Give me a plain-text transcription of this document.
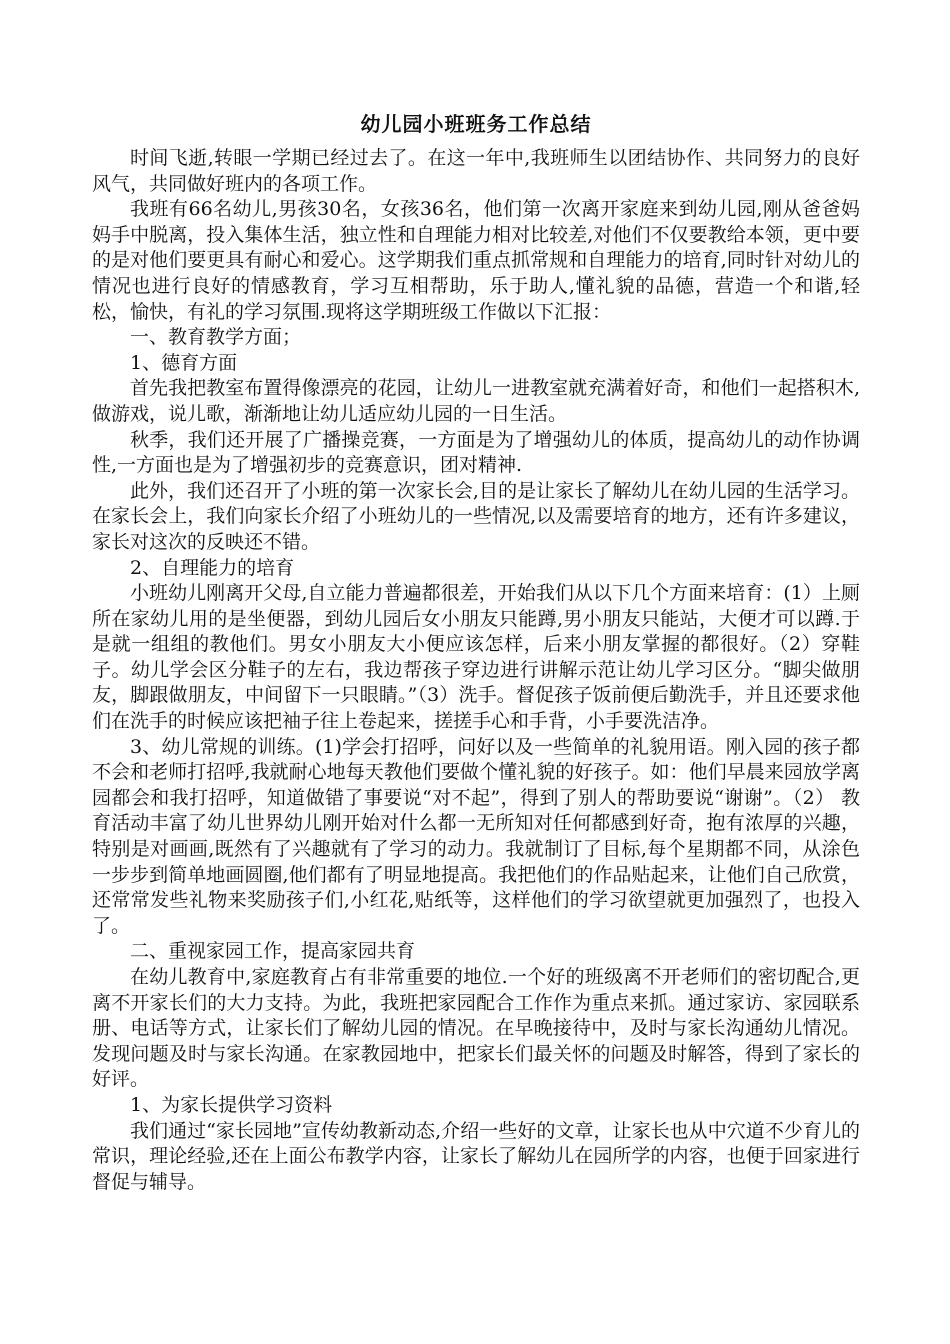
幼儿园小班班务工作总结

时间飞逝,转眼一学期已经过去了。在这一年中,我班师生以团结协作、共同努力的良好风气，共同做好班内的各项工作。

我班有66名幼儿,男孩30名，女孩36名，他们第一次离开家庭来到幼儿园,刚从爸爸妈妈手中脱离，投入集体生活，独立性和自理能力相对比较差,对他们不仅要教给本领，更中要的是对他们要更具有耐心和爱心。这学期我们重点抓常规和自理能力的培育,同时针对幼儿的情况也进行良好的情感教育，学习互相帮助，乐于助人,懂礼貌的品德，营造一个和谐,轻松，愉快，有礼的学习氛围.现将这学期班级工作做以下汇报：

一、教育教学方面；

1、德育方面

首先我把教室布置得像漂亮的花园，让幼儿一进教室就充满着好奇，和他们一起搭积木,做游戏，说儿歌，渐渐地让幼儿适应幼儿园的一日生活。

秋季，我们还开展了广播操竞赛，一方面是为了增强幼儿的体质，提高幼儿的动作协调性,一方面也是为了增强初步的竞赛意识，团对精神.

此外，我们还召开了小班的第一次家长会,目的是让家长了解幼儿在幼儿园的生活学习。在家长会上，我们向家长介绍了小班幼儿的一些情况,以及需要培育的地方，还有许多建议，家长对这次的反映还不错。

2、自理能力的培育

小班幼儿刚离开父母,自立能力普遍都很差，开始我们从以下几个方面来培育：(1）上厕所在家幼儿用的是坐便器，到幼儿园后女小朋友只能蹲,男小朋友只能站，大便才可以蹲.于是就一组组的教他们。男女小朋友大小便应该怎样，后来小朋友掌握的都很好。（2）穿鞋子。幼儿学会区分鞋子的左右，我边帮孩子穿边进行讲解示范让幼儿学习区分。“脚尖做朋友，脚跟做朋友，中间留下一只眼睛。”（3）洗手。督促孩子饭前便后勤洗手，并且还要求他们在洗手的时候应该把袖子往上卷起来，搓搓手心和手背，小手要洗洁净。

3、幼儿常规的训练。(1)学会打招呼，问好以及一些简单的礼貌用语。刚入园的孩子都不会和老师打招呼,我就耐心地每天教他们要做个懂礼貌的好孩子。如：他们早晨来园放学离园都会和我打招呼，知道做错了事要说“对不起”，得到了别人的帮助要说“谢谢”。（2） 教育活动丰富了幼儿世界幼儿刚开始对什么都一无所知对任何都感到好奇，抱有浓厚的兴趣，特别是对画画,既然有了兴趣就有了学习的动力。我就制订了目标,每个星期都不同，从涂色一步步到简单地画圆圈,他们都有了明显地提高。我把他们的作品贴起来，让他们自己欣赏，还常常发些礼物来奖励孩子们,小红花,贴纸等，这样他们的学习欲望就更加强烈了，也投入了。

二、重视家园工作，提高家园共育

在幼儿教育中,家庭教育占有非常重要的地位.一个好的班级离不开老师们的密切配合,更离不开家长们的大力支持。为此，我班把家园配合工作作为重点来抓。通过家访、家园联系册、电话等方式，让家长们了解幼儿园的情况。在早晚接待中，及时与家长沟通幼儿情况。发现问题及时与家长沟通。在家教园地中，把家长们最关怀的问题及时解答，得到了家长的好评。

1、为家长提供学习资料

我们通过“家长园地”宣传幼教新动态,介绍一些好的文章，让家长也从中穴道不少育儿的常识，理论经验,还在上面公布教学内容，让家长了解幼儿在园所学的内容，也便于回家进行督促与辅导。
